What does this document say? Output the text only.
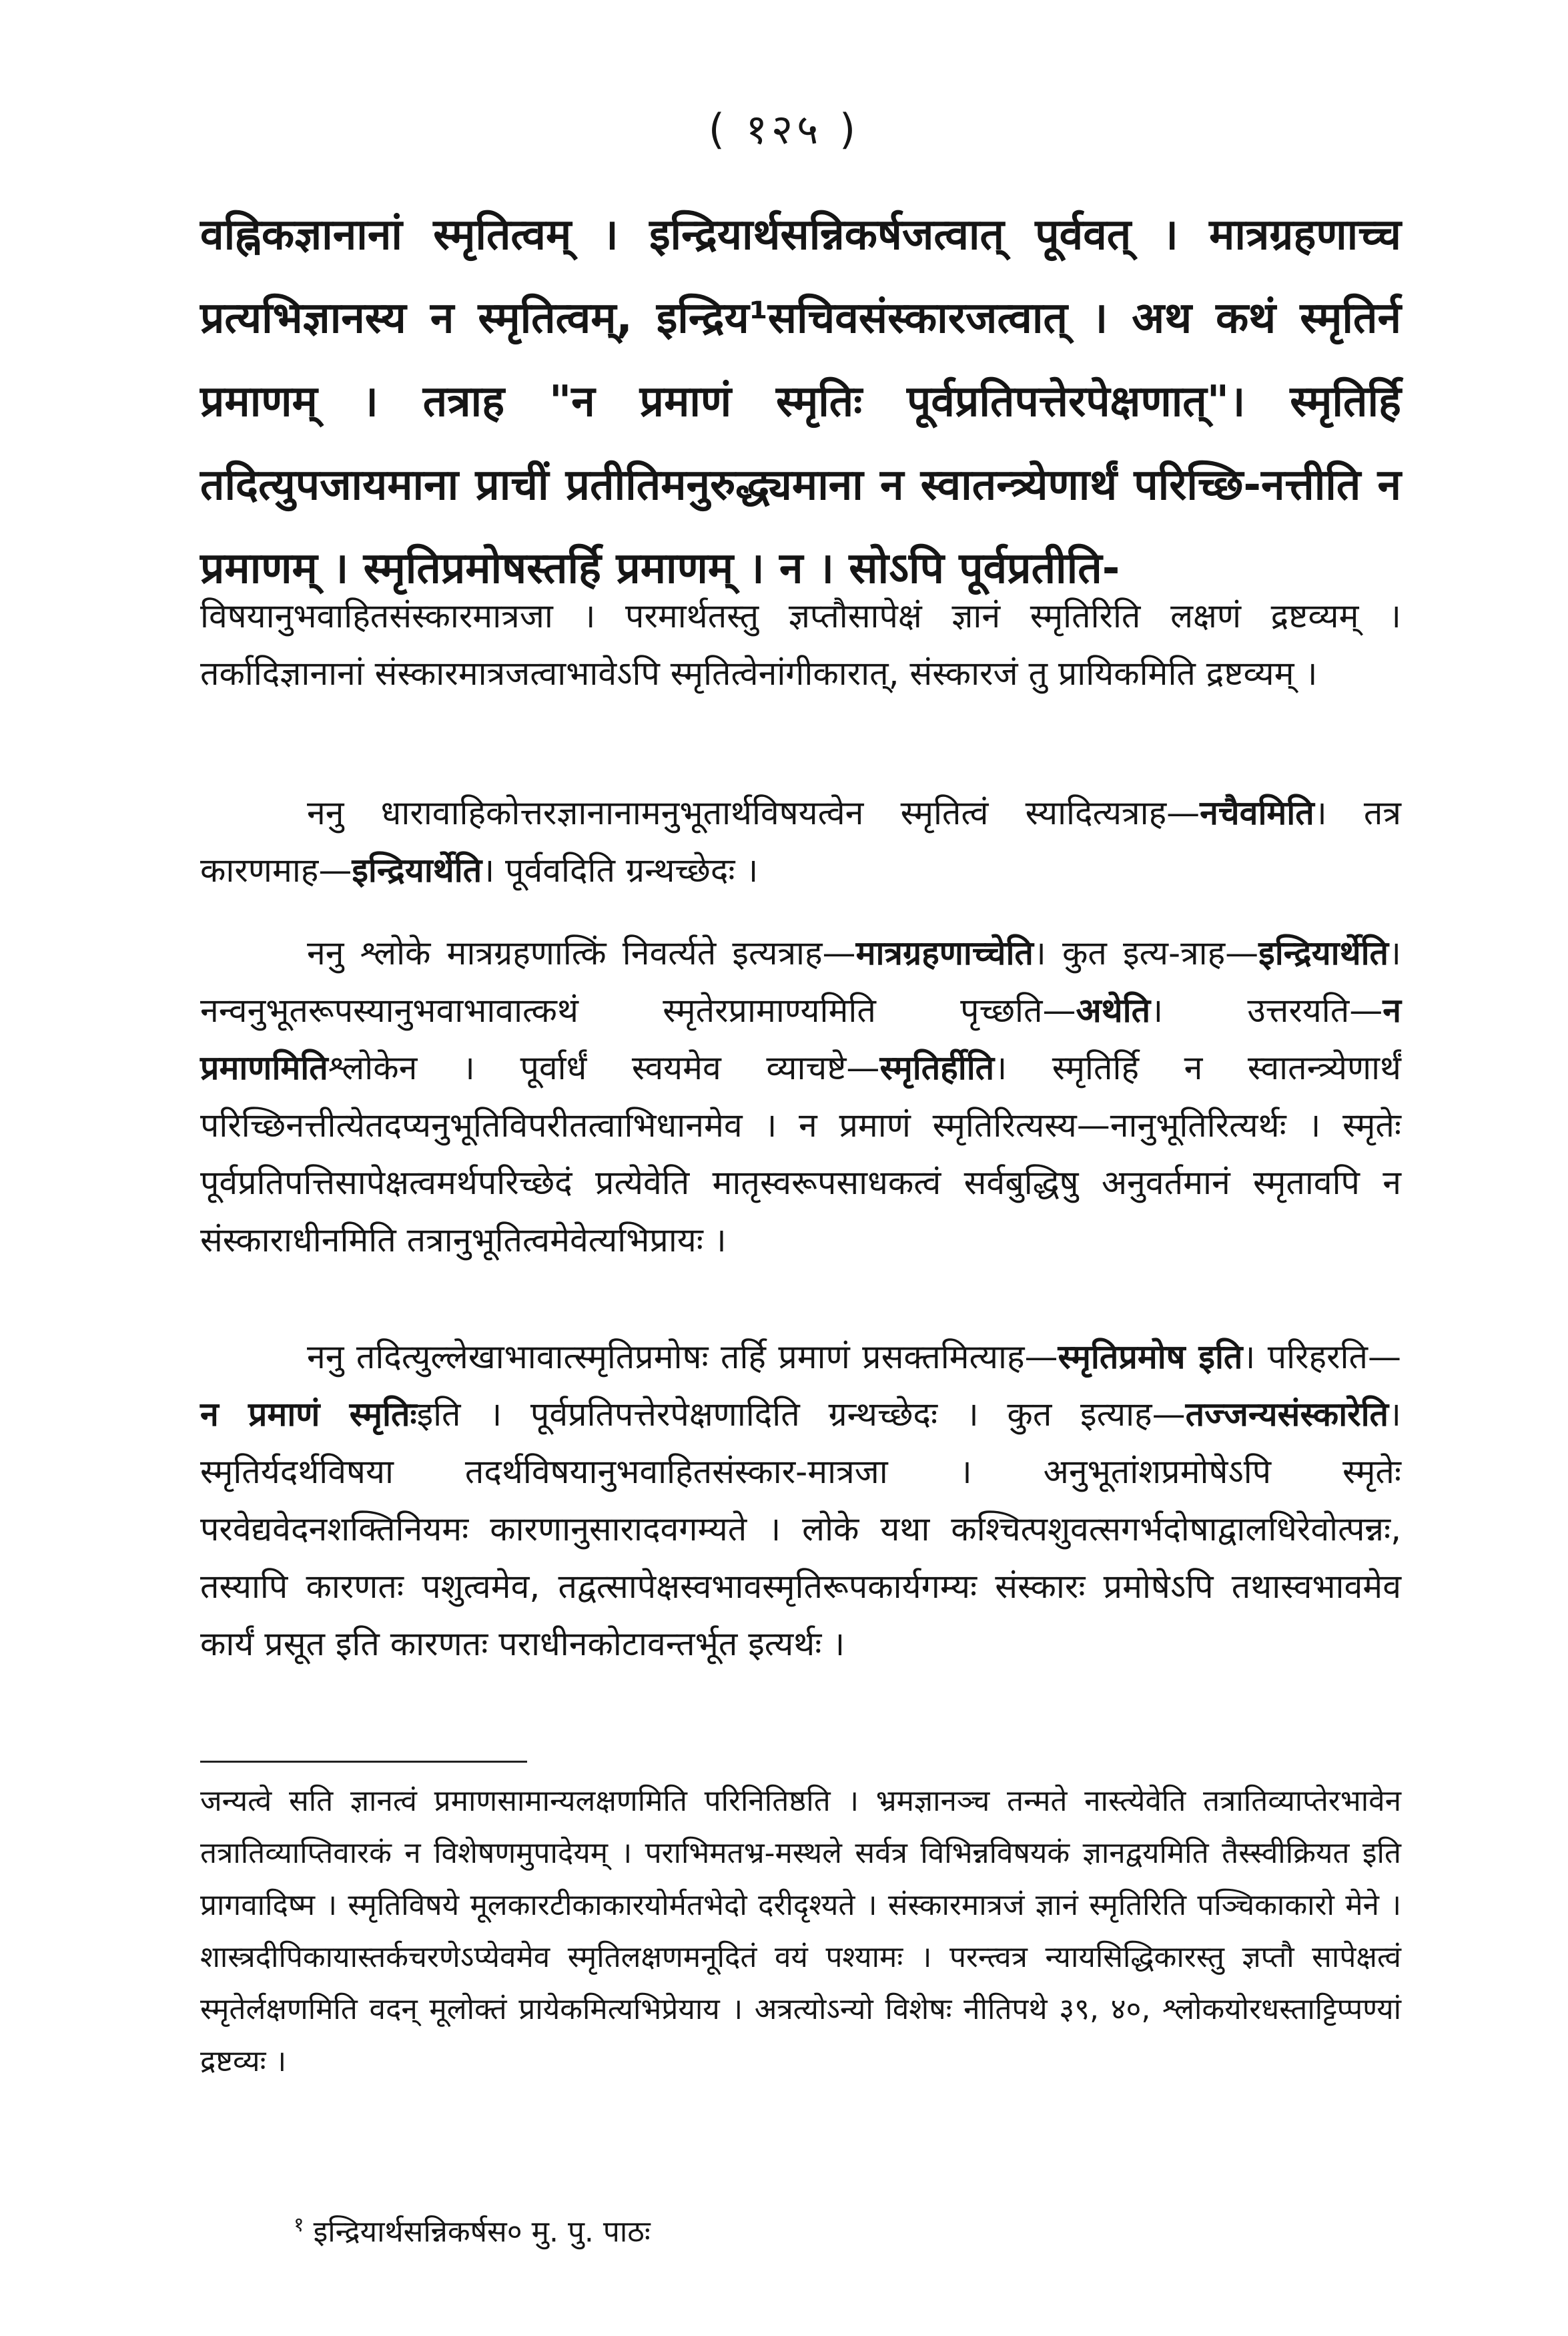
( १२५ )
वह्निकज्ञानानां स्मृतित्वम् । इन्द्रियार्थसन्निकर्षजत्वात् पूर्ववत् । मात्रग्रहणाच्च प्रत्यभिज्ञानस्य न स्मृतित्वम्, इन्द्रिय¹सचिवसंस्कारजत्वात् । अथ कथं स्मृतिर्न प्रमाणम् । तत्राह "न प्रमाणं स्मृतिः पूर्वप्रतिपत्तेरपेक्षणात्"। स्मृतिर्हि तदित्युपजायमाना प्राचीं प्रतीतिमनुरुद्ध्यमाना न स्वातन्त्र्येणार्थं परिच्छि-नत्तीति न प्रमाणम् । स्मृतिप्रमोषस्तर्हि प्रमाणम् । न । सोऽपि पूर्वप्रतीति-
विषयानुभवाहितसंस्कारमात्रजा । परमार्थतस्तु ज्ञप्तौसापेक्षं ज्ञानं स्मृतिरिति लक्षणं द्रष्टव्यम् । तर्कादिज्ञानानां संस्कारमात्रजत्वाभावेऽपि स्मृतित्वेनांगीकारात्, संस्कारजं तु प्रायिकमिति द्रष्टव्यम् ।
ननु धारावाहिकोत्तरज्ञानानामनुभूतार्थविषयत्वेन स्मृतित्वं स्यादित्यत्राह—नचैवमिति। तत्र कारणमाह—इन्द्रियार्थेति। पूर्ववदिति ग्रन्थच्छेदः ।
ननु श्लोके मात्रग्रहणात्किं निवर्त्यते इत्यत्राह—मात्रग्रहणाच्चेति। कुत इत्य-त्राह—इन्द्रियार्थेति। नन्वनुभूतरूपस्यानुभवाभावात्कथं स्मृतेरप्रामाण्यमिति पृच्छति—अथेति। उत्तरयति—न प्रमाणमितिश्लोकेन । पूर्वार्धं स्वयमेव व्याचष्टे—स्मृतिर्हीति। स्मृतिर्हि न स्वातन्त्र्येणार्थं परिच्छिनत्तीत्येतदप्यनुभूतिविपरीतत्वाभिधानमेव । न प्रमाणं स्मृतिरित्यस्य—नानुभूतिरित्यर्थः । स्मृतेः पूर्वप्रतिपत्तिसापेक्षत्वमर्थपरिच्छेदं प्रत्येवेति मातृस्वरूपसाधकत्वं सर्वबुद्धिषु अनुवर्तमानं स्मृतावपि न संस्काराधीनमिति तत्रानुभूतित्वमेवेत्यभिप्रायः ।
ननु तदित्युल्लेखाभावात्स्मृतिप्रमोषः तर्हि प्रमाणं प्रसक्तमित्याह—स्मृतिप्रमोष इति। परिहरति—न प्रमाणं स्मृतिःइति । पूर्वप्रतिपत्तेरपेक्षणादिति ग्रन्थच्छेदः । कुत इत्याह—तज्जन्यसंस्कारेति। स्मृतिर्यदर्थविषया तदर्थविषयानुभवाहितसंस्कार-मात्रजा । अनुभूतांशप्रमोषेऽपि स्मृतेः परवेद्यवेदनशक्तिनियमः कारणानुसारादवगम्यते । लोके यथा कश्चित्पशुवत्सगर्भदोषाद्वालधिरेवोत्पन्नः, तस्यापि कारणतः पशुत्वमेव, तद्वत्सापेक्षस्वभावस्मृतिरूपकार्यगम्यः संस्कारः प्रमोषेऽपि तथास्वभावमेव कार्यं प्रसूत इति कारणतः पराधीनकोटावन्तर्भूत इत्यर्थः ।
जन्यत्वे सति ज्ञानत्वं प्रमाणसामान्यलक्षणमिति परिनितिष्ठति । भ्रमज्ञानञ्च तन्मते नास्त्येवेति तत्रातिव्याप्तेरभावेन तत्रातिव्याप्तिवारकं न विशेषणमुपादेयम् । पराभिमतभ्र-मस्थले सर्वत्र विभिन्नविषयकं ज्ञानद्वयमिति तैस्स्वीक्रियत इति प्रागवादिष्म । स्मृतिविषये मूलकारटीकाकारयोर्मतभेदो दरीदृश्यते । संस्कारमात्रजं ज्ञानं स्मृतिरिति पञ्चिकाकारो मेने । शास्त्रदीपिकायास्तर्कचरणेऽप्येवमेव स्मृतिलक्षणमनूदितं वयं पश्यामः । परन्त्वत्र न्यायसिद्धिकारस्तु ज्ञप्तौ सापेक्षत्वं स्मृतेर्लक्षणमिति वदन् मूलोक्तं प्रायेकमित्यभिप्रेयाय । अत्रत्योऽन्यो विशेषः नीतिपथे ३९, ४०, श्लोकयोरधस्ताट्टिप्पण्यां द्रष्टव्यः ।
$^१$ इन्द्रियार्थसन्निकर्षस० मु. पु. पाठः
